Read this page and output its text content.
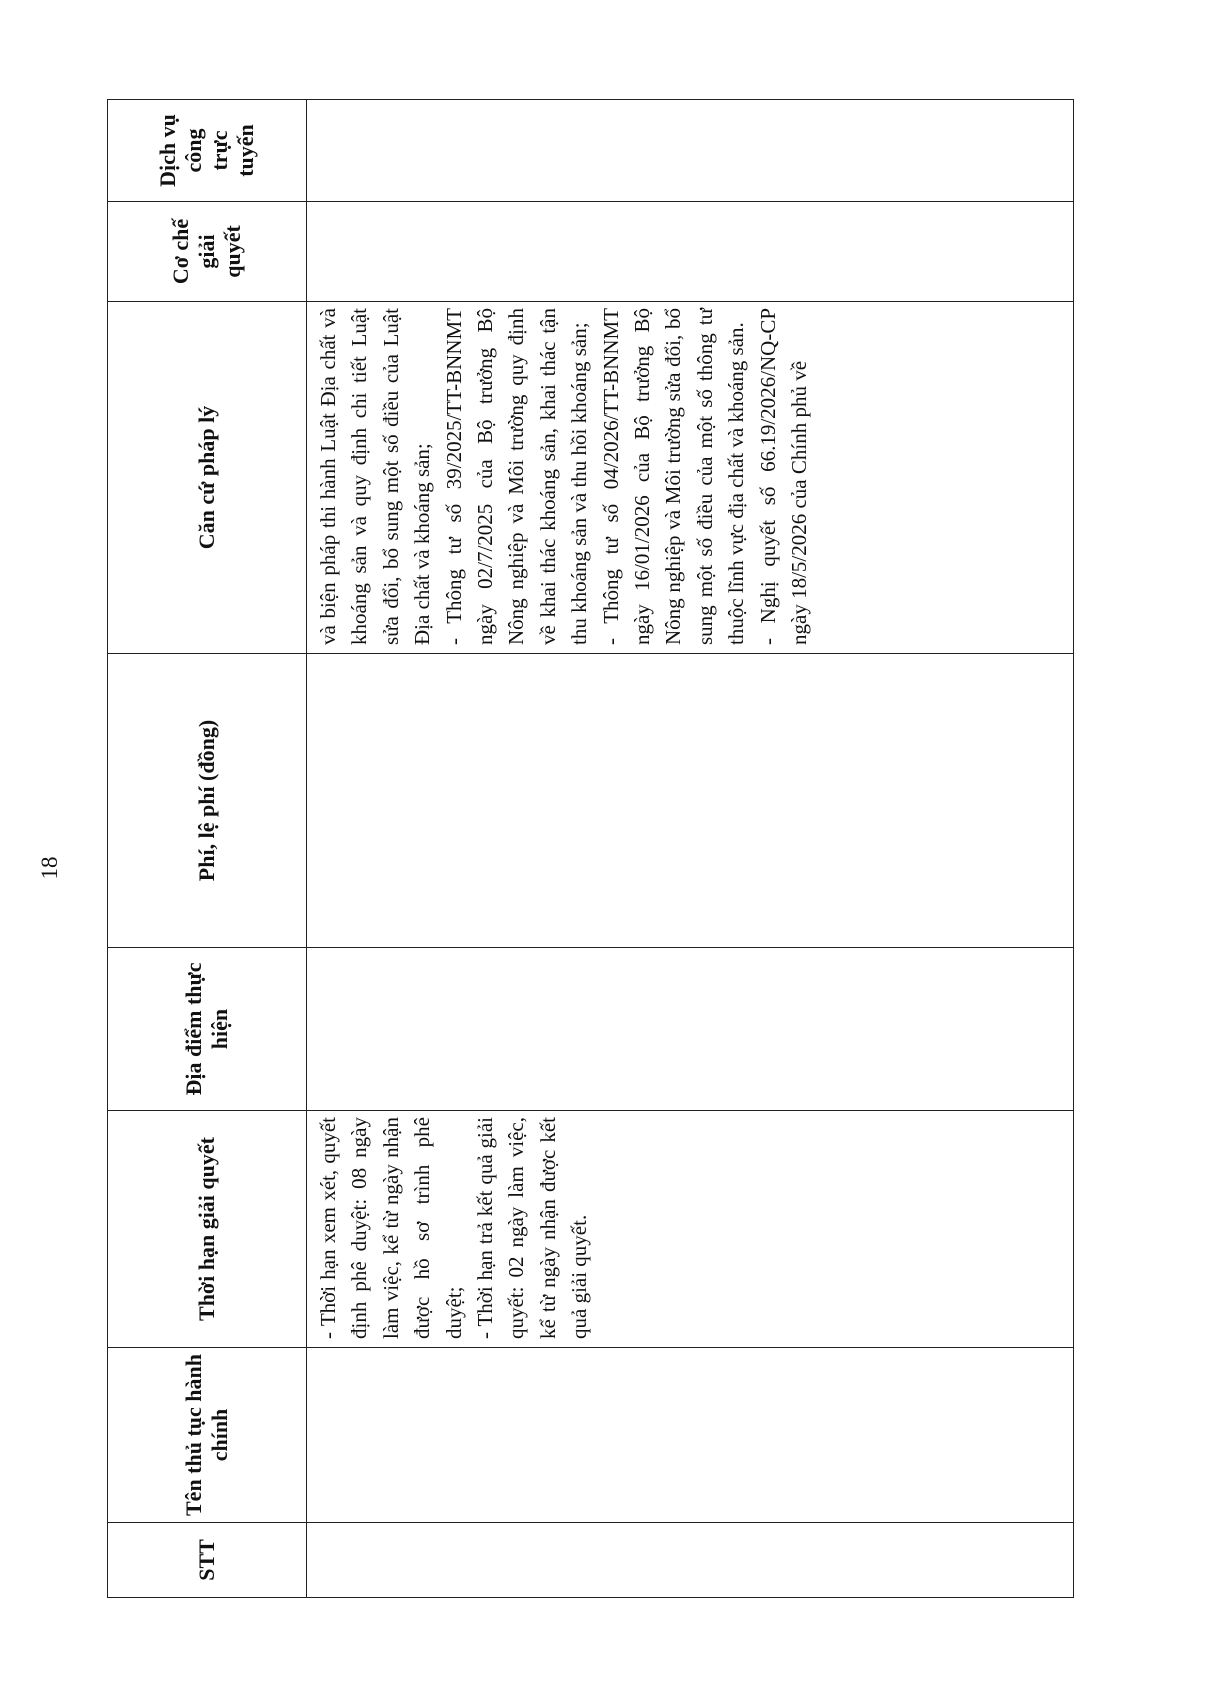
18
STT	Tên thủ tục hành chính	Thời hạn giải quyết	Địa điểm thực hiện	Phí, lệ phí (đồng)	Căn cứ pháp lý	Cơ chế giải quyết	Dịch vụ công trực tuyến

		- Thời hạn xem xét, quyết định phê duyệt: 08 ngày làm việc, kể từ ngày nhận được hồ sơ trình phê duyệt; - Thời hạn trả kết quả giải quyết: 02 ngày làm việc, kể từ ngày nhận được kết quả giải quyết.			và biện pháp thi hành Luật Địa chất và khoáng sản và quy định chi tiết Luật sửa đổi, bổ sung một số điều của Luật Địa chất và khoáng sản; - Thông tư số 39/2025/TT-BNNMT ngày 02/7/2025 của Bộ trưởng Bộ Nông nghiệp và Môi trường quy định về khai thác khoáng sản, khai thác tận thu khoáng sản và thu hồi khoáng sản; - Thông tư số 04/2026/TT-BNNMT ngày 16/01/2026 của Bộ trưởng Bộ Nông nghiệp và Môi trường sửa đổi, bổ sung một số điều của một số thông tư thuộc lĩnh vực địa chất và khoáng sản. - Nghị quyết số 66.19/2026/NQ-CP ngày 18/5/2026 của Chính phủ về		
